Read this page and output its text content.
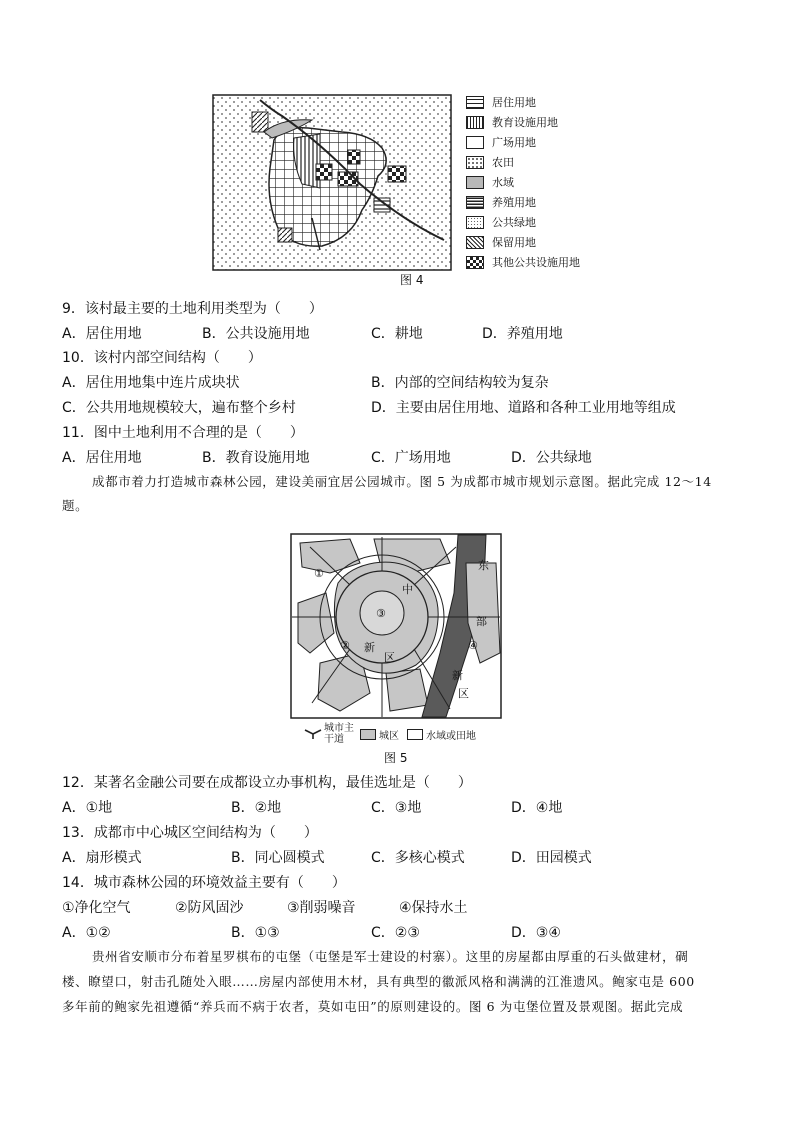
居住用地
教育设施用地
广场用地
农田
水域
养殖用地
公共绿地
保留用地
其他公共设施用地
图 4
9．该村最主要的土地利用类型为（　　）
A．居住用地	B．公共设施用地	C．耕地	D．养殖用地
10．该村内部空间结构（　　）
A．居住用地集中连片成块状	B．内部的空间结构较为复杂
C．公共用地规模较大，遍布整个乡村	D．主要由居住用地、道路和各种工业用地等组成
11．图中土地利用不合理的是（　　）
A．居住用地	B．教育设施用地	C．广场用地	D．公共绿地
成都市着力打造城市森林公园，建设美丽宜居公园城市。图 5 为成都市城市规划示意图。据此完成 12～14
题。
①
②
③
④
中
新
区
东
部
新
区
城市主干道	城区	水域或田地
图 5
12．某著名金融公司要在成都设立办事机构，最佳选址是（　　）
A．①地	B．②地	C．③地	D．④地
13．成都市中心城区空间结构为（　　）
A．扇形模式	B．同心圆模式	C．多核心模式	D．田园模式
14．城市森林公园的环境效益主要有（　　）
①净化空气	②防风固沙	③削弱噪音	④保持水土
A．①②	B．①③	C．②③	D．③④
贵州省安顺市分布着星罗棋布的屯堡（屯堡是军士建设的村寨）。这里的房屋都由厚重的石头做建材，碉
楼、瞭望口，射击孔随处入眼……房屋内部使用木材，具有典型的徽派风格和满满的江淮遗风。鲍家屯是 600
多年前的鲍家先祖遵循“养兵而不病于农者，莫如屯田”的原则建设的。图 6 为屯堡位置及景观图。据此完成
